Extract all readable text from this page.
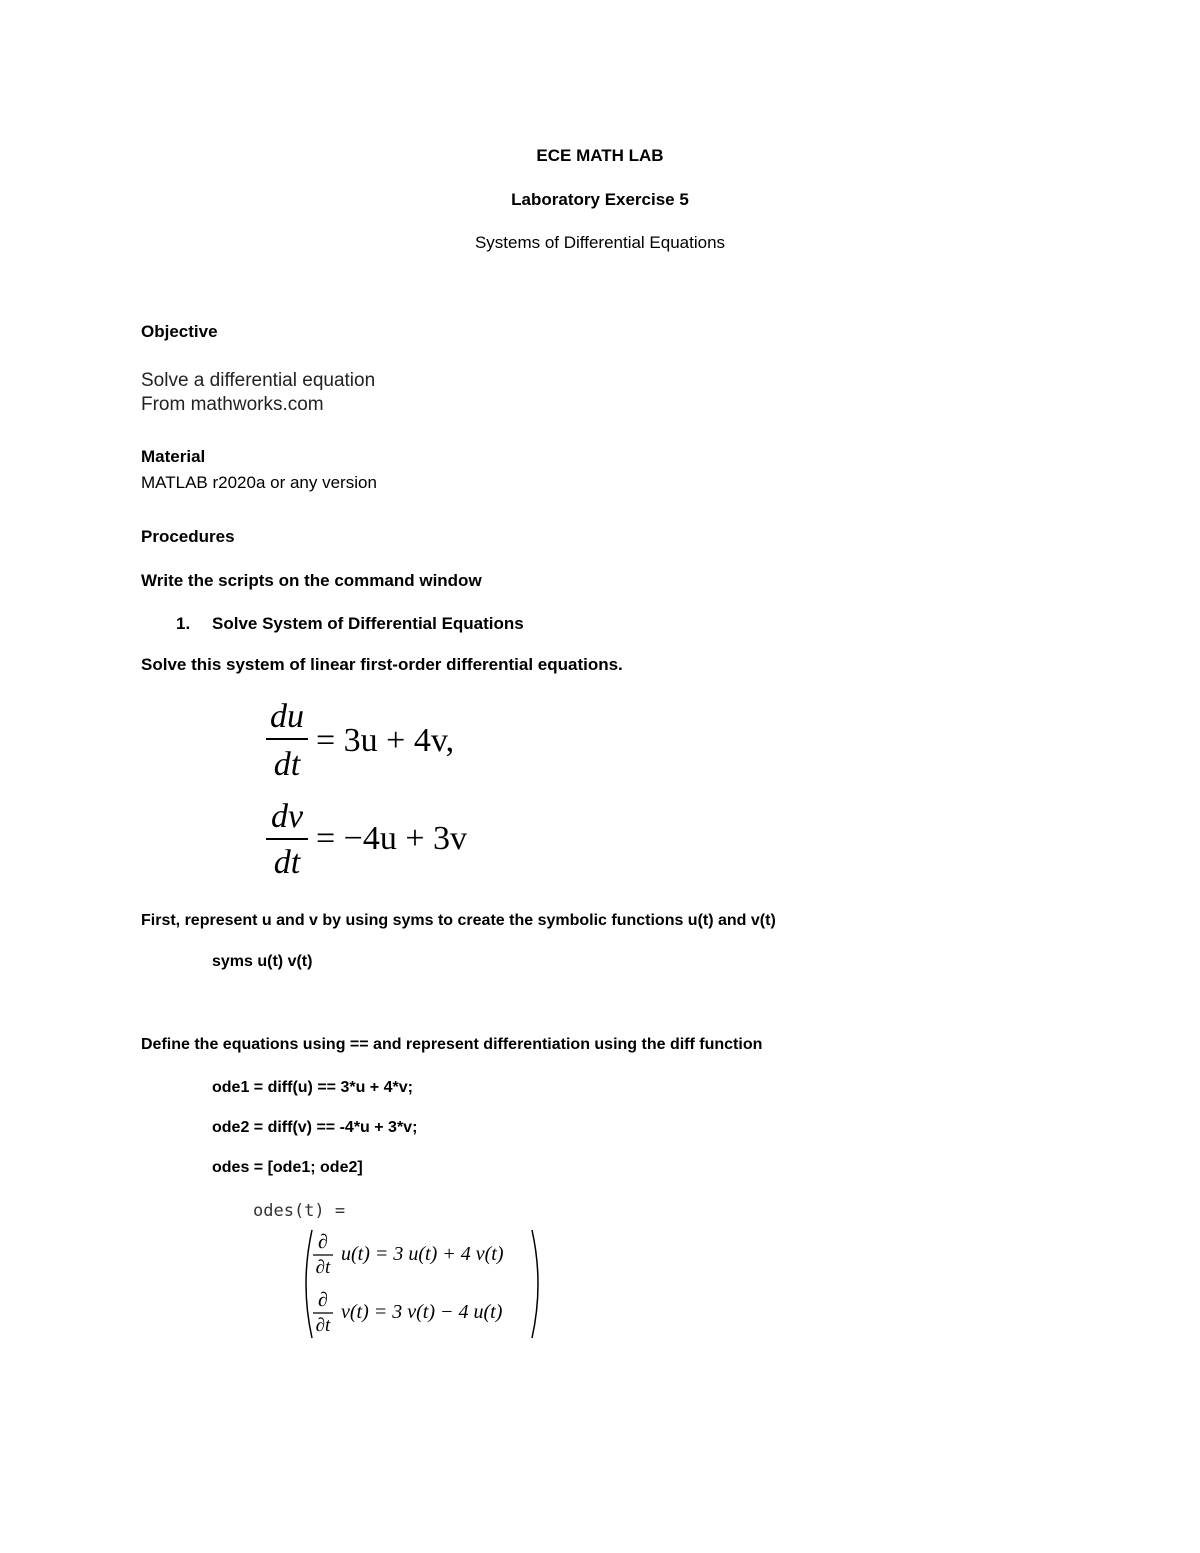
ECE MATH LAB
Laboratory Exercise 5
Systems of Differential Equations
Objective
Solve a differential equation
From mathworks.com
Material
MATLAB r2020a or any version
Procedures
Write the scripts on the command window
1. Solve System of Differential Equations
Solve this system of linear first-order differential equations.
du
dt
= 3u + 4v,
dv
dt
= −4u + 3v
First, represent u and v by using syms to create the symbolic functions u(t) and v(t)
syms u(t) v(t)
Define the equations using == and represent differentiation using the diff function
ode1 = diff(u) == 3*u + 4*v;
ode2 = diff(v) == -4*u + 3*v;
odes = [ode1; ode2]
odes(t) =
∂
∂t
u(t) = 3 u(t) + 4 v(t)
∂
∂t
v(t) = 3 v(t) − 4 u(t)
